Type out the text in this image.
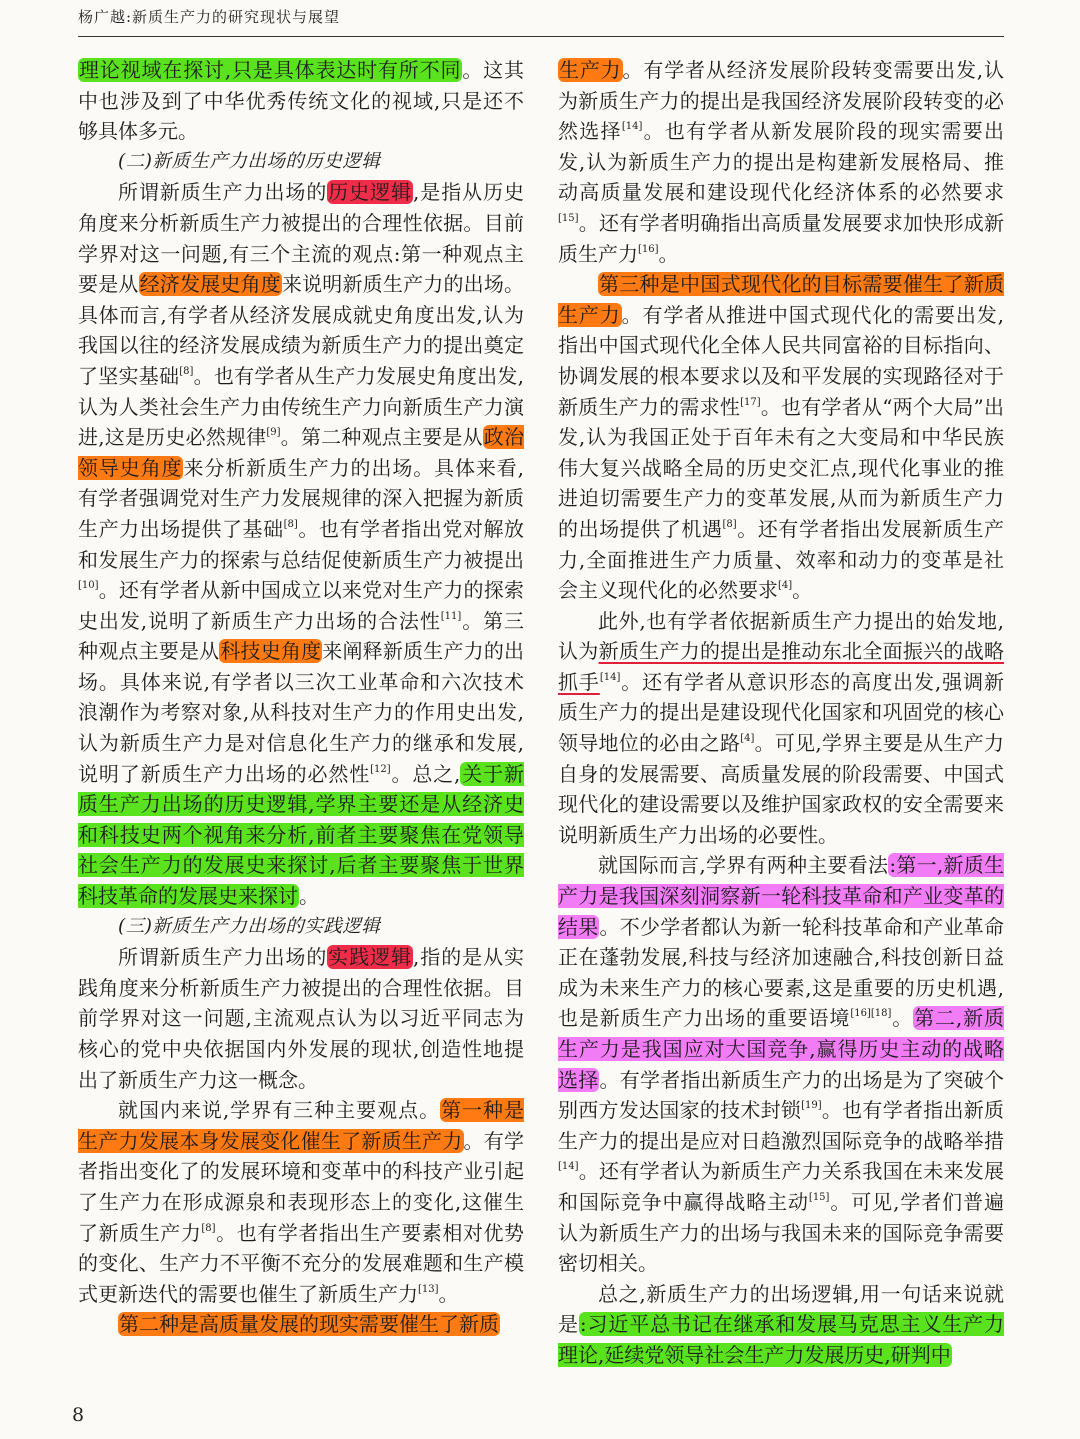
杨广越:新质生产力的研究现状与展望

理论视域在探讨,只是具体表达时有所不同。这其中也涉及到了中华优秀传统文化的视域,只是还不够具体多元。

(二)新质生产力出场的历史逻辑

所谓新质生产力出场的历史逻辑,是指从历史角度来分析新质生产力被提出的合理性依据。目前学界对这一问题,有三个主流的观点:第一种观点主要是从经济发展史角度来说明新质生产力的出场。具体而言,有学者从经济发展成就史角度出发,认为我国以往的经济发展成绩为新质生产力的提出奠定了坚实基础[8]。也有学者从生产力发展史角度出发,认为人类社会生产力由传统生产力向新质生产力演进,这是历史必然规律[9]。第二种观点主要是从政治领导史角度来分析新质生产力的出场。具体来看,有学者强调党对生产力发展规律的深入把握为新质生产力出场提供了基础[8]。也有学者指出党对解放和发展生产力的探索与总结促使新质生产力被提出[10]。还有学者从新中国成立以来党对生产力的探索史出发,说明了新质生产力出场的合法性[11]。第三种观点主要是从科技史角度来阐释新质生产力的出场。具体来说,有学者以三次工业革命和六次技术浪潮作为考察对象,从科技对生产力的作用史出发,认为新质生产力是对信息化生产力的继承和发展,说明了新质生产力出场的必然性[12]。总之,关于新质生产力出场的历史逻辑,学界主要还是从经济史和科技史两个视角来分析,前者主要聚焦在党领导社会生产力的发展史来探讨,后者主要聚焦于世界科技革命的发展史来探讨。

(三)新质生产力出场的实践逻辑

所谓新质生产力出场的实践逻辑,指的是从实践角度来分析新质生产力被提出的合理性依据。目前学界对这一问题,主流观点认为以习近平同志为核心的党中央依据国内外发展的现状,创造性地提出了新质生产力这一概念。

就国内来说,学界有三种主要观点。第一种是生产力发展本身发展变化催生了新质生产力。有学者指出变化了的发展环境和变革中的科技产业引起了生产力在形成源泉和表现形态上的变化,这催生了新质生产力[8]。也有学者指出生产要素相对优势的变化、生产力不平衡不充分的发展难题和生产模式更新迭代的需要也催生了新质生产力[13]。

第二种是高质量发展的现实需要催生了新质

生产力。有学者从经济发展阶段转变需要出发,认为新质生产力的提出是我国经济发展阶段转变的必然选择[14]。也有学者从新发展阶段的现实需要出发,认为新质生产力的提出是构建新发展格局、推动高质量发展和建设现代化经济体系的必然要求[15]。还有学者明确指出高质量发展要求加快形成新质生产力[16]。

第三种是中国式现代化的目标需要催生了新质生产力。有学者从推进中国式现代化的需要出发,指出中国式现代化全体人民共同富裕的目标指向、协调发展的根本要求以及和平发展的实现路径对于新质生产力的需求性[17]。也有学者从“两个大局”出发,认为我国正处于百年未有之大变局和中华民族伟大复兴战略全局的历史交汇点,现代化事业的推进迫切需要生产力的变革发展,从而为新质生产力的出场提供了机遇[8]。还有学者指出发展新质生产力,全面推进生产力质量、效率和动力的变革是社会主义现代化的必然要求[4]。

此外,也有学者依据新质生产力提出的始发地,认为新质生产力的提出是推动东北全面振兴的战略抓手[14]。还有学者从意识形态的高度出发,强调新质生产力的提出是建设现代化国家和巩固党的核心领导地位的必由之路[4]。可见,学界主要是从生产力自身的发展需要、高质量发展的阶段需要、中国式现代化的建设需要以及维护国家政权的安全需要来说明新质生产力出场的必要性。

就国际而言,学界有两种主要看法:第一,新质生产力是我国深刻洞察新一轮科技革命和产业变革的结果。不少学者都认为新一轮科技革命和产业革命正在蓬勃发展,科技与经济加速融合,科技创新日益成为未来生产力的核心要素,这是重要的历史机遇,也是新质生产力出场的重要语境[16][18]。第二,新质生产力是我国应对大国竞争,赢得历史主动的战略选择。有学者指出新质生产力的出场是为了突破个别西方发达国家的技术封锁[19]。也有学者指出新质生产力的提出是应对日趋激烈国际竞争的战略举措[14]。还有学者认为新质生产力关系我国在未来发展和国际竞争中赢得战略主动[15]。可见,学者们普遍认为新质生产力的出场与我国未来的国际竞争需要密切相关。

总之,新质生产力的出场逻辑,用一句话来说就是:习近平总书记在继承和发展马克思主义生产力理论,延续党领导社会生产力发展历史,研判中

8
